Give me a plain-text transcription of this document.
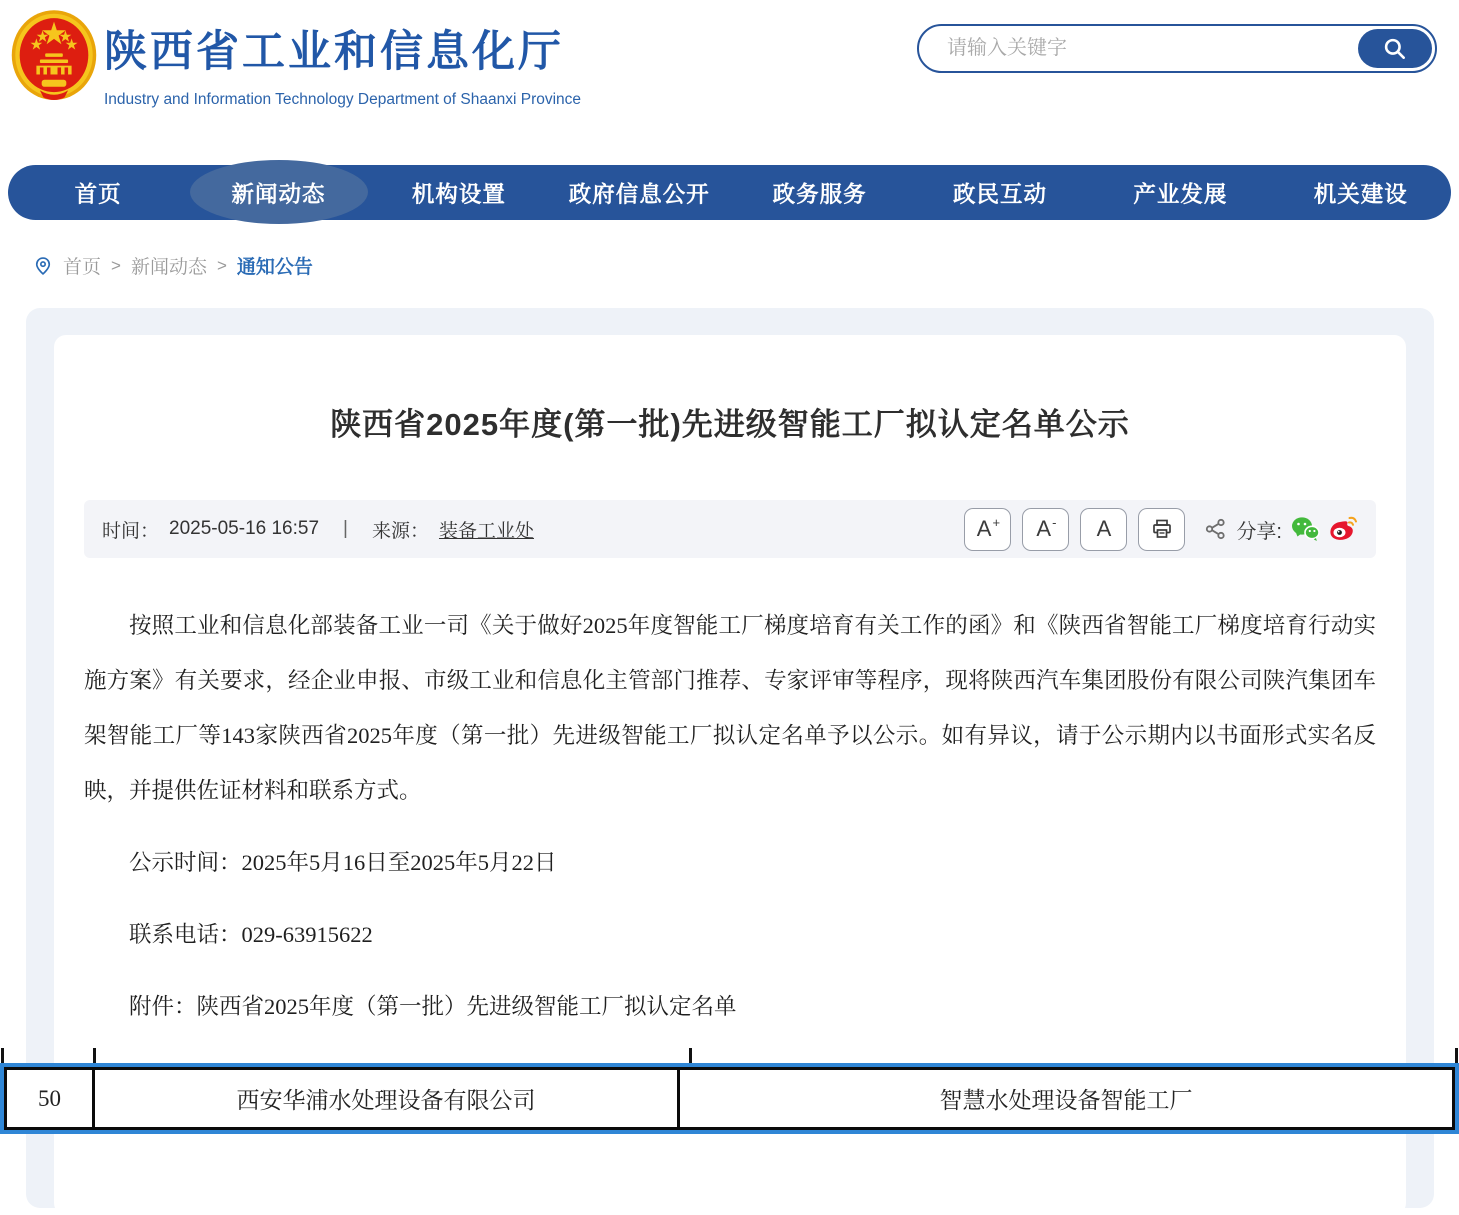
陕西省工业和信息化厅
Industry and Information Technology Department of Shaanxi Province
请输入关键字
首页	新闻动态	机构设置	政府信息公开	政务服务	政民互动	产业发展	机关建设
首页 > 新闻动态 > 通知公告
陕西省2025年度(第一批)先进级智能工厂拟认定名单公示
时间： 2025-05-16 16:57 | 来源： 装备工业处	A + A - A	分享:

按照工业和信息化部装备工业一司《关于做好2025年度智能工厂梯度培育有关工作的函》和《陕西省智能工厂梯度培育行动实施方案》有关要求，经企业申报、市级工业和信息化主管部门推荐、专家评审等程序，现将陕西汽车集团股份有限公司陕汽集团车架智能工厂等143家陕西省2025年度（第一批）先进级智能工厂拟认定名单予以公示。如有异议，请于公示期内以书面形式实名反映，并提供佐证材料和联系方式。

公示时间：2025年5月16日至2025年5月22日

联系电话：029-63915622

附件：陕西省2025年度（第一批）先进级智能工厂拟认定名单

50	西安华浦水处理设备有限公司	智慧水处理设备智能工厂
